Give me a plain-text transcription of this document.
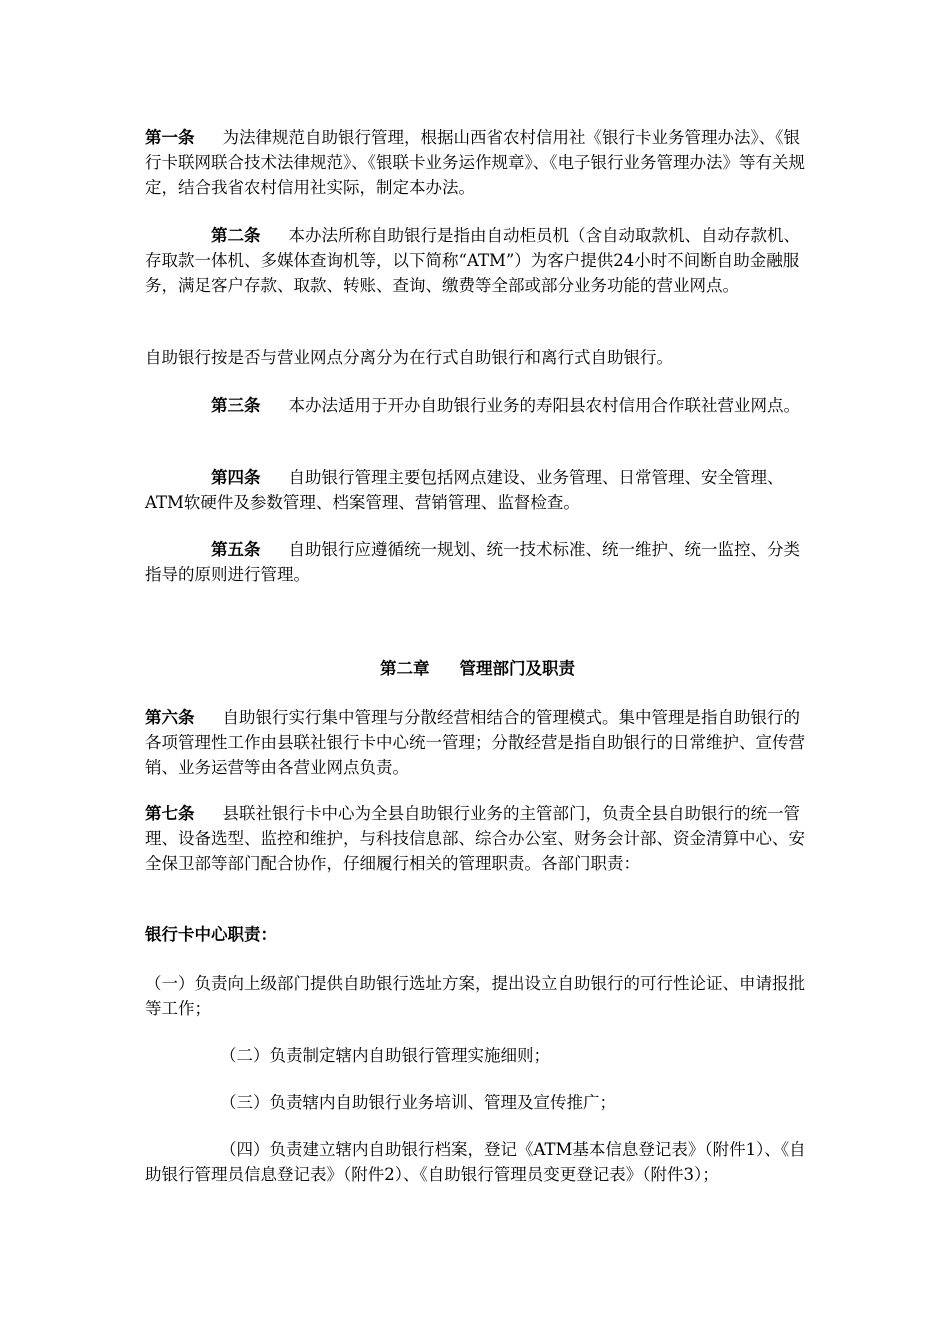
第一条 为法律规范自助银行管理，根据山西省农村信用社《银行卡业务管理办法》、《银行卡联网联合技术法律规范》、《银联卡业务运作规章》、《电子银行业务管理办法》等有关规定，结合我省农村信用社实际，制定本办法。

第二条 本办法所称自助银行是指由自动柜员机（含自动取款机、自动存款机、存取款一体机、多媒体查询机等，以下简称“ATM”）为客户提供24小时不间断自助金融服务，满足客户存款、取款、转账、查询、缴费等全部或部分业务功能的营业网点。

自助银行按是否与营业网点分离分为在行式自助银行和离行式自助银行。

第三条 本办法适用于开办自助银行业务的寿阳县农村信用合作联社营业网点。

第四条 自助银行管理主要包括网点建设、业务管理、日常管理、安全管理、ATM软硬件及参数管理、档案管理、营销管理、监督检查。

第五条 自助银行应遵循统一规划、统一技术标准、统一维护、统一监控、分类指导的原则进行管理。

第二章 管理部门及职责

第六条 自助银行实行集中管理与分散经营相结合的管理模式。集中管理是指自助银行的各项管理性工作由县联社银行卡中心统一管理；分散经营是指自助银行的日常维护、宣传营销、业务运营等由各营业网点负责。

第七条 县联社银行卡中心为全县自助银行业务的主管部门，负责全县自助银行的统一管理、设备选型、监控和维护，与科技信息部、综合办公室、财务会计部、资金清算中心、安全保卫部等部门配合协作，仔细履行相关的管理职责。各部门职责：

银行卡中心职责：

（一）负责向上级部门提供自助银行选址方案，提出设立自助银行的可行性论证、申请报批等工作；

（二）负责制定辖内自助银行管理实施细则；

（三）负责辖内自助银行业务培训、管理及宣传推广；

（四）负责建立辖内自助银行档案，登记《ATM基本信息登记表》（附件1）、《自助银行管理员信息登记表》（附件2）、《自助银行管理员变更登记表》（附件3）；
